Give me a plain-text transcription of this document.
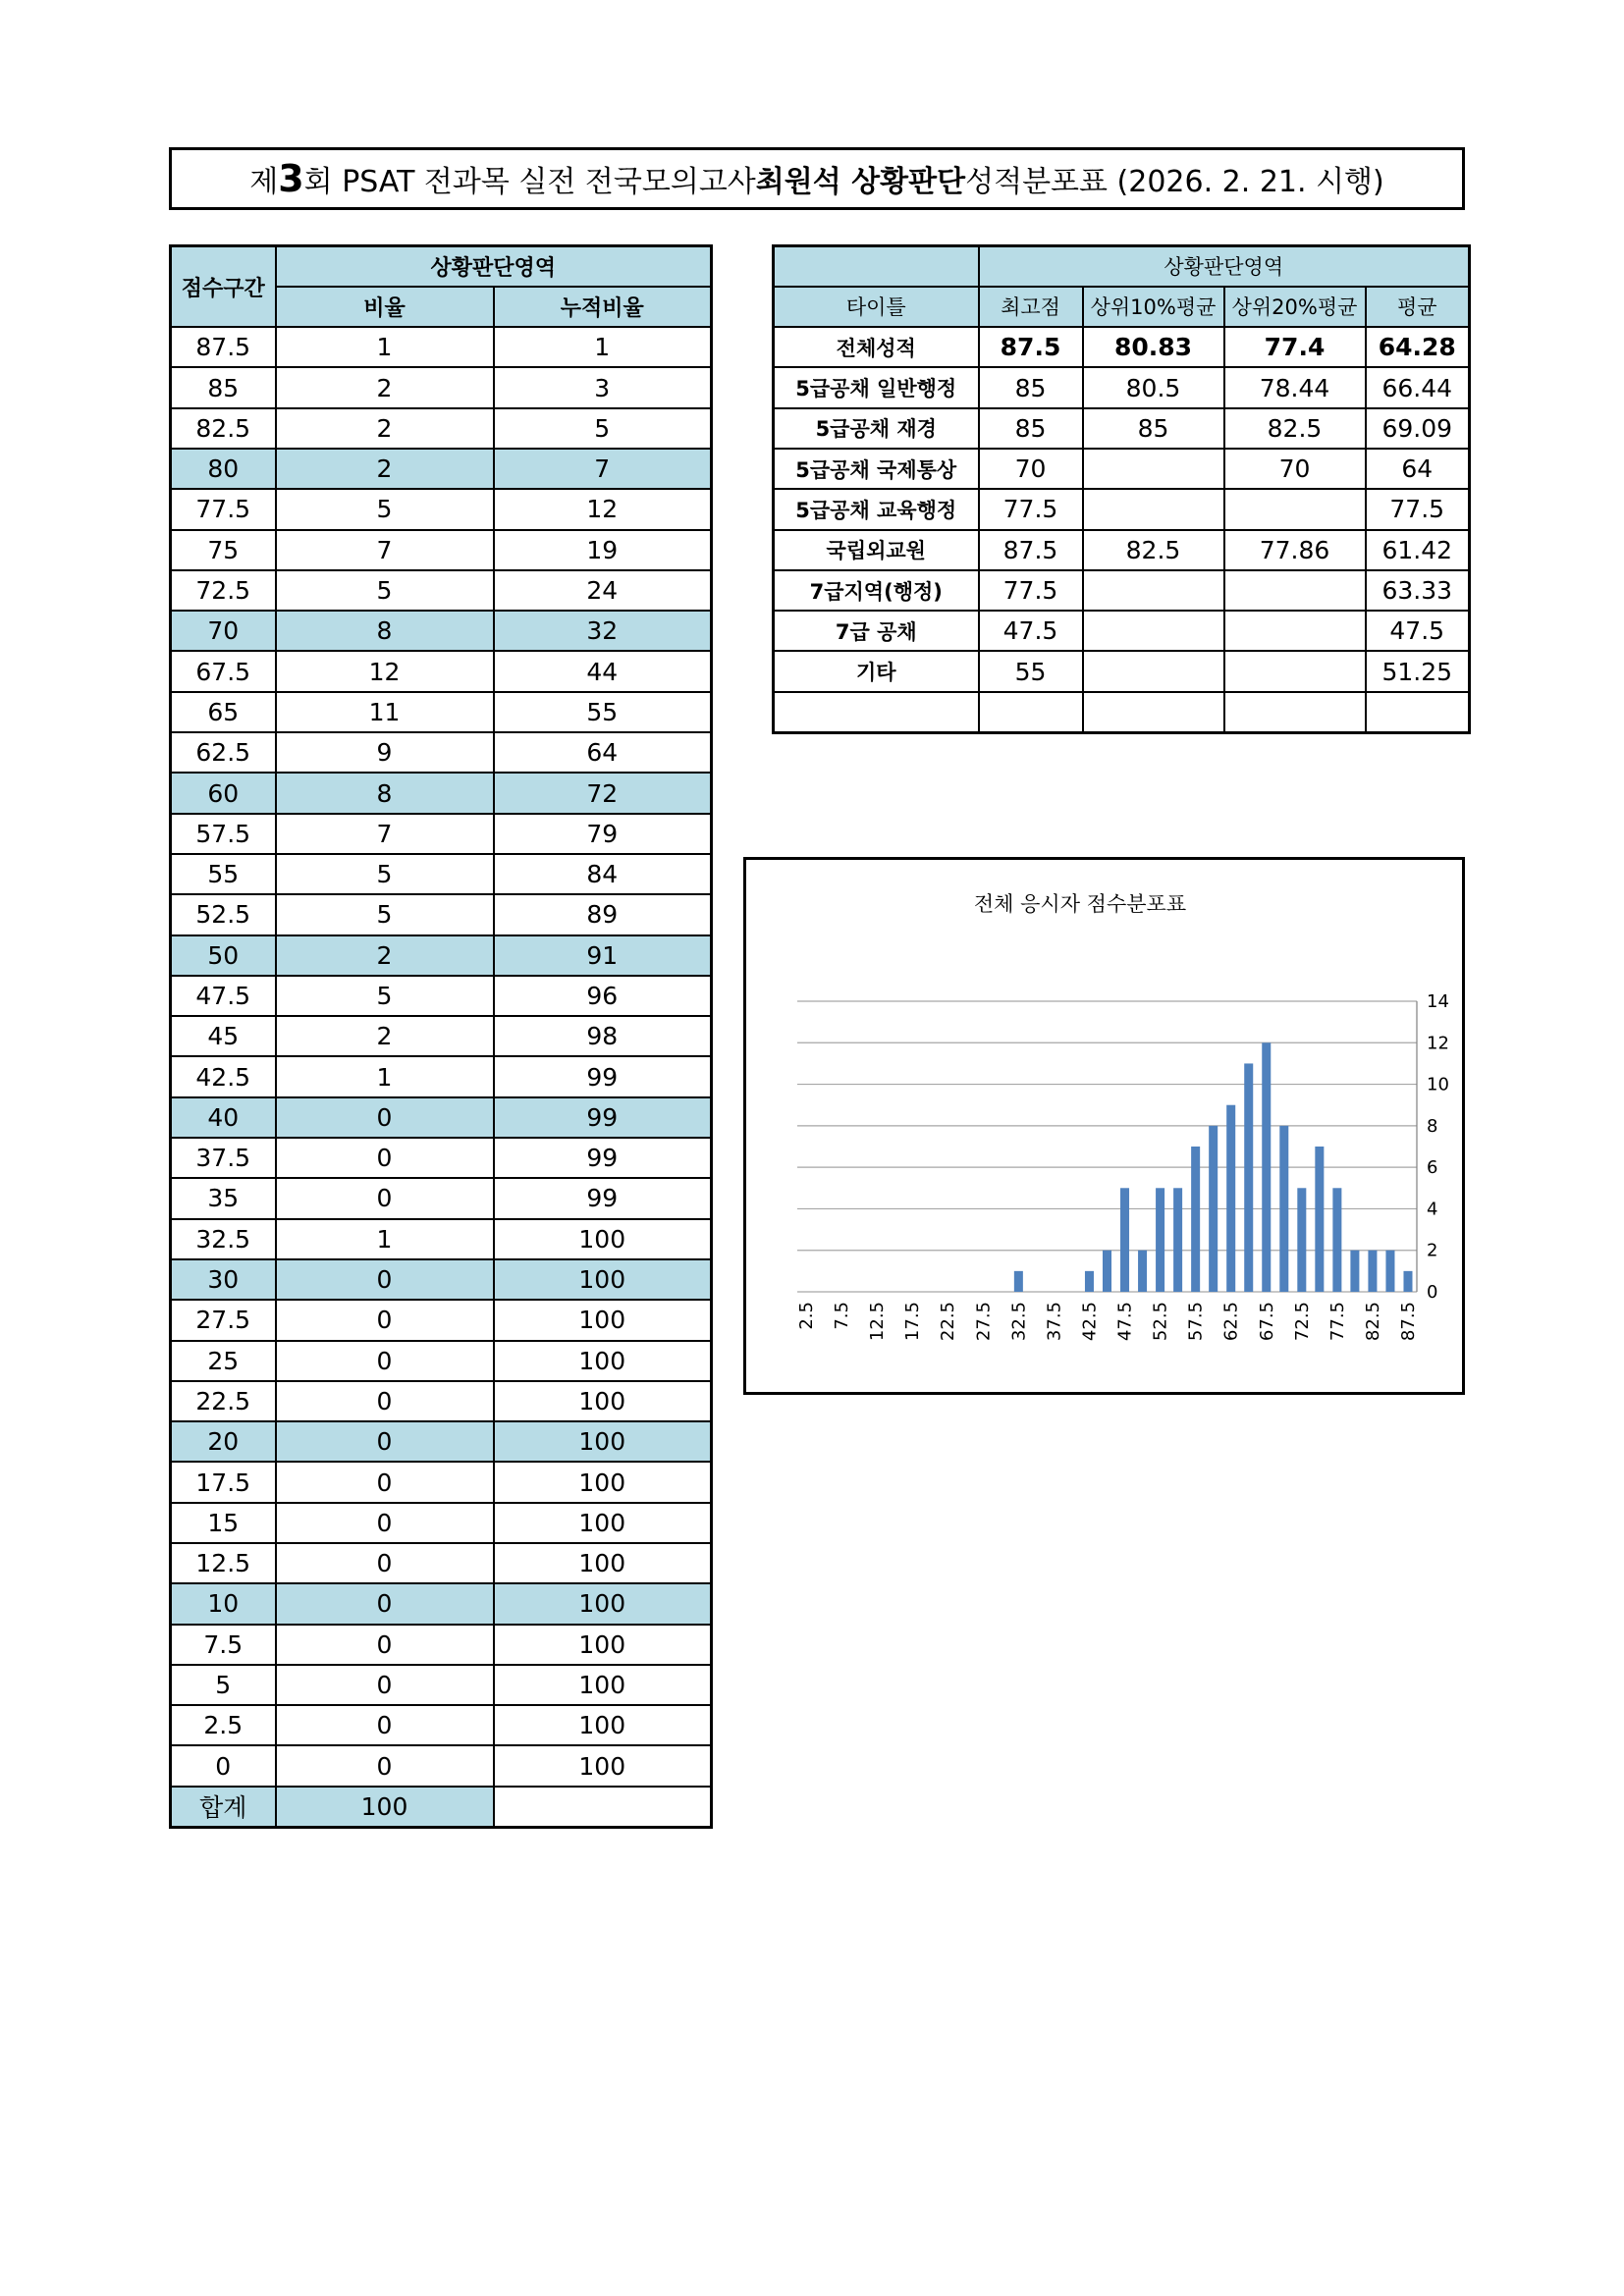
제 3 회 PSAT 전과목 실전 전국모의고사 최원석 상황판단 성적분포표 (2026. 2. 21. 시행)
점수구간	상황판단영역	
	비율	누적비율
87.5	1	1
85	2	3
82.5	2	5
80	2	7
77.5	5	12
75	7	19
72.5	5	24
70	8	32
67.5	12	44
65	11	55
62.5	9	64
60	8	72
57.5	7	79
55	5	84
52.5	5	89
50	2	91
47.5	5	96
45	2	98
42.5	1	99
40	0	99
37.5	0	99
35	0	99
32.5	1	100
30	0	100
27.5	0	100
25	0	100
22.5	0	100
20	0	100
17.5	0	100
15	0	100
12.5	0	100
10	0	100
7.5	0	100
5	0	100
2.5	0	100
0	0	100
합계	100	
	상황판단영역			
타이틀	최고점	상위10%평균	상위20%평균	평균
전체성적	87.5	80.83	77.4	64.28
5급공채 일반행정	85	80.5	78.44	66.44
5급공채 재경	85	85	82.5	69.09
5급공채 국제통상	70		70	64
5급공채 교육행정	77.5			77.5
국립외교원	87.5	82.5	77.86	61.42
7급지역(행정)	77.5			63.33
7급 공채	47.5			47.5
기타	55			51.25

전체 응시자 점수분포표
0
2
4
6
8
10
12
14
2.5 7.5 12.5 17.5 22.5 27.5 32.5 37.5 42.5 47.5 52.5 57.5 62.5 67.5 72.5 77.5 82.5 87.5
